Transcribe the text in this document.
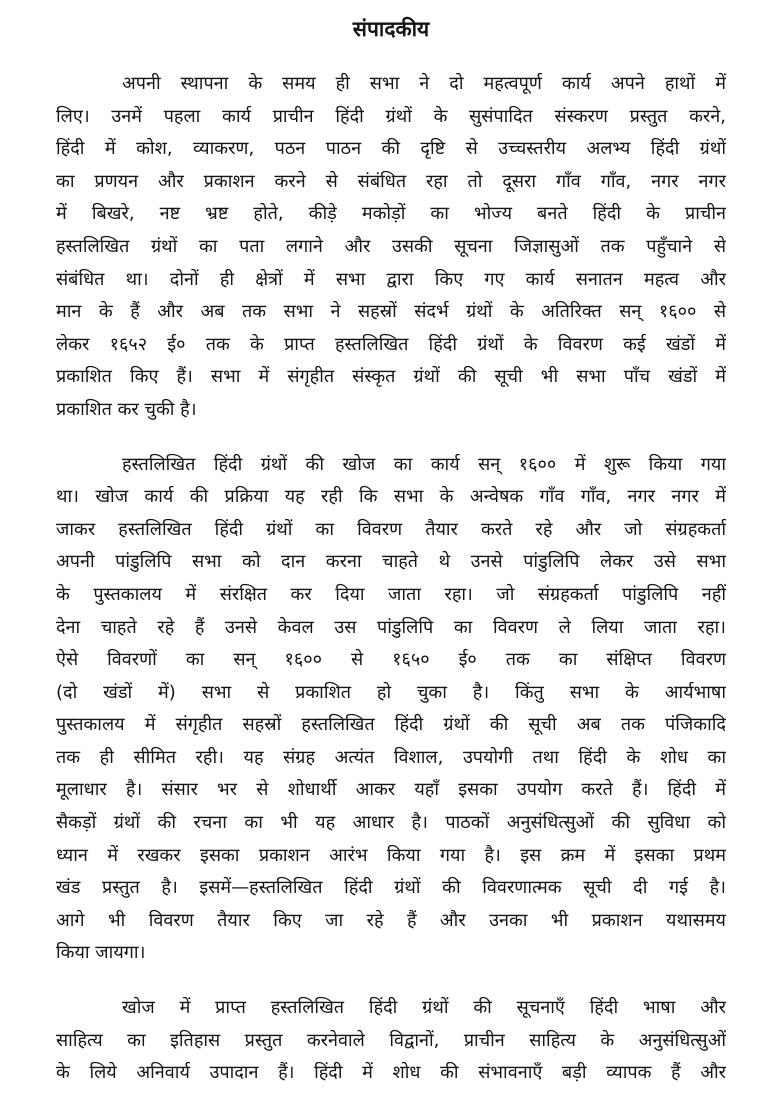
संपादकीय
अपनी स्थापना के समय ही सभा ने दो महत्वपूर्ण कार्य अपने हाथों में
लिए। उनमें पहला कार्य प्राचीन हिंदी ग्रंथों के सुसंपादित संस्करण प्रस्तुत करने,
हिंदी में कोश, व्याकरण, पठन पाठन की दृष्टि से उच्चस्तरीय अलभ्य हिंदी ग्रंथों
का प्रणयन और प्रकाशन करने से संबंधित रहा तो दूसरा गाँव गाँव, नगर नगर
में बिखरे, नष्ट भ्रष्ट होते, कीड़े मकोड़ों का भोज्य बनते हिंदी के प्राचीन
हस्तलिखित ग्रंथों का पता लगाने और उसकी सूचना जिज्ञासुओं तक पहुँचाने से
संबंधित था। दोनों ही क्षेत्रों में सभा द्वारा किए गए कार्य सनातन महत्व और
मान के हैं और अब तक सभा ने सहस्रों संदर्भ ग्रंथों के अतिरिक्त सन् १६०० से
लेकर १६५२ ई० तक के प्राप्त हस्तलिखित हिंदी ग्रंथों के विवरण कई खंडों में
प्रकाशित किए हैं। सभा में संगृहीत संस्कृत ग्रंथों की सूची भी सभा पाँच खंडों में
प्रकाशित कर चुकी है।
हस्तलिखित हिंदी ग्रंथों की खोज का कार्य सन् १६०० में शुरू किया गया
था। खोज कार्य की प्रक्रिया यह रही कि सभा के अन्वेषक गाँव गाँव, नगर नगर में
जाकर हस्तलिखित हिंदी ग्रंथों का विवरण तैयार करते रहे और जो संग्रहकर्ता
अपनी पांडुलिपि सभा को दान करना चाहते थे उनसे पांडुलिपि लेकर उसे सभा
के पुस्तकालय में संरक्षित कर दिया जाता रहा। जो संग्रहकर्ता पांडुलिपि नहीं
देना चाहते रहे हैं उनसे केवल उस पांडुलिपि का विवरण ले लिया जाता रहा।
ऐसे विवरणों का सन् १६०० से १६५० ई० तक का संक्षिप्त विवरण
(दो खंडों में) सभा से प्रकाशित हो चुका है। किंतु सभा के आर्यभाषा
पुस्तकालय में संगृहीत सहस्रों हस्तलिखित हिंदी ग्रंथों की सूची अब तक पंजिकादि
तक ही सीमित रही। यह संग्रह अत्यंत विशाल, उपयोगी तथा हिंदी के शोध का
मूलाधार है। संसार भर से शोधार्थी आकर यहाँ इसका उपयोग करते हैं। हिंदी में
सैकड़ों ग्रंथों की रचना का भी यह आधार है। पाठकों अनुसंधित्सुओं की सुविधा को
ध्यान में रखकर इसका प्रकाशन आरंभ किया गया है। इस क्रम में इसका प्रथम
खंड प्रस्तुत है। इसमें—हस्तलिखित हिंदी ग्रंथों की विवरणात्मक सूची दी गई है।
आगे भी विवरण तैयार किए जा रहे हैं और उनका भी प्रकाशन यथासमय
किया जायगा।
खोज में प्राप्त हस्तलिखित हिंदी ग्रंथों की सूचनाएँ हिंदी भाषा और
साहित्य का इतिहास प्रस्तुत करनेवाले विद्वानों, प्राचीन साहित्य के अनुसंधित्सुओं
के लिये अनिवार्य उपादान हैं। हिंदी में शोध की संभावनाएँ बड़ी व्यापक हैं और
